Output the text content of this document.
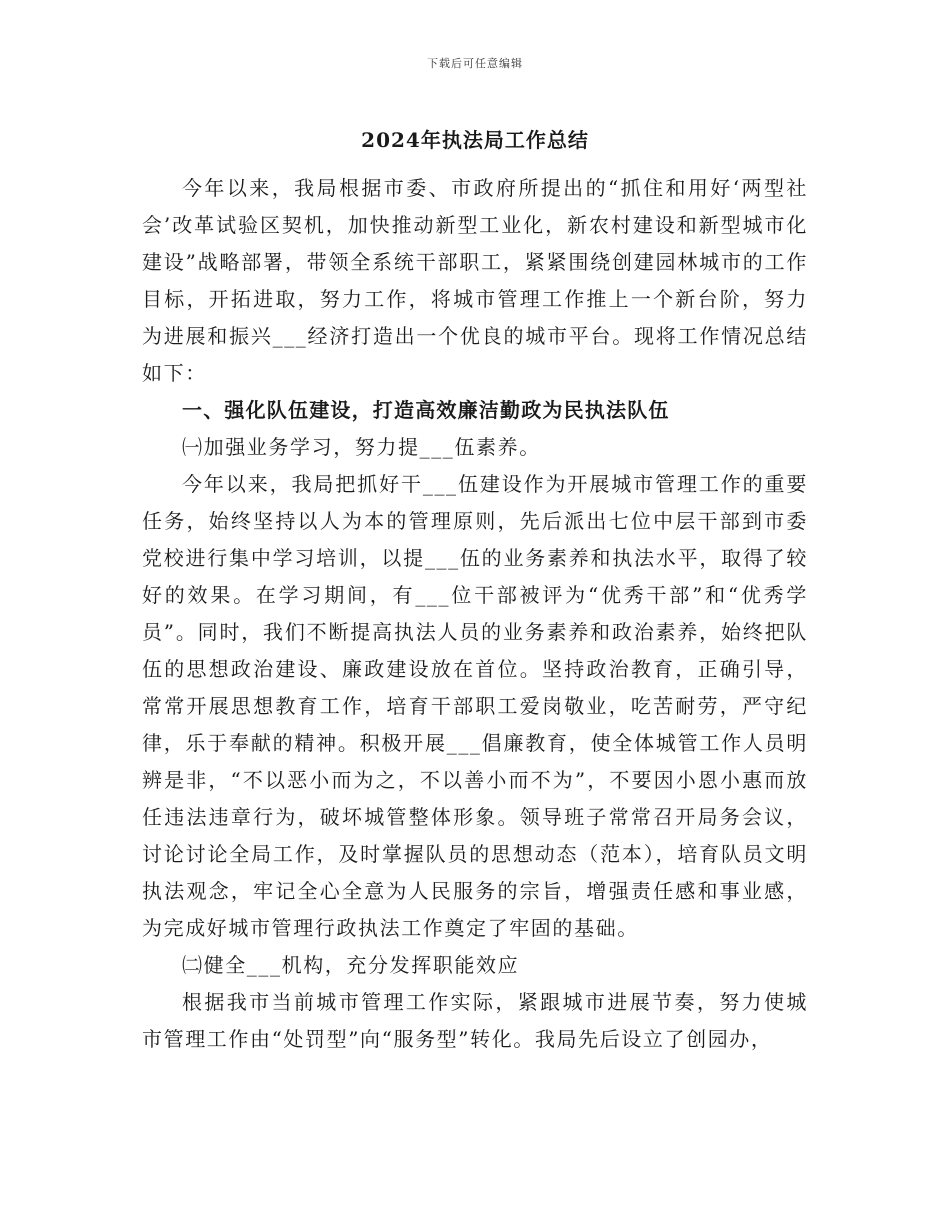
下载后可任意编辑
2024年执法局工作总结

今年以来，我局根据市委、市政府所提出的“抓住和用好‘两型社会’改革试验区契机，加快推动新型工业化，新农村建设和新型城市化建设”战略部署，带领全系统干部职工，紧紧围绕创建园林城市的工作目标，开拓进取，努力工作，将城市管理工作推上一个新台阶，努力为进展和振兴___经济打造出一个优良的城市平台。现将工作情况总结如下：

一、强化队伍建设，打造高效廉洁勤政为民执法队伍

㈠加强业务学习，努力提___伍素养。

今年以来，我局把抓好干___伍建设作为开展城市管理工作的重要任务，始终坚持以人为本的管理原则，先后派出七位中层干部到市委党校进行集中学习培训，以提___伍的业务素养和执法水平，取得了较好的效果。在学习期间，有___位干部被评为“优秀干部”和“优秀学员”。同时，我们不断提高执法人员的业务素养和政治素养，始终把队伍的思想政治建设、廉政建设放在首位。坚持政治教育，正确引导，常常开展思想教育工作，培育干部职工爱岗敬业，吃苦耐劳，严守纪律，乐于奉献的精神。积极开展___倡廉教育，使全体城管工作人员明辨是非，“不以恶小而为之，不以善小而不为”，不要因小恩小惠而放任违法违章行为，破坏城管整体形象。领导班子常常召开局务会议，讨论讨论全局工作，及时掌握队员的思想动态（范本），培育队员文明执法观念，牢记全心全意为人民服务的宗旨，增强责任感和事业感，为完成好城市管理行政执法工作奠定了牢固的基础。

㈡健全___机构，充分发挥职能效应

根据我市当前城市管理工作实际，紧跟城市进展节奏，努力使城市管理工作由“处罚型”向“服务型”转化。我局先后设立了创园办，
